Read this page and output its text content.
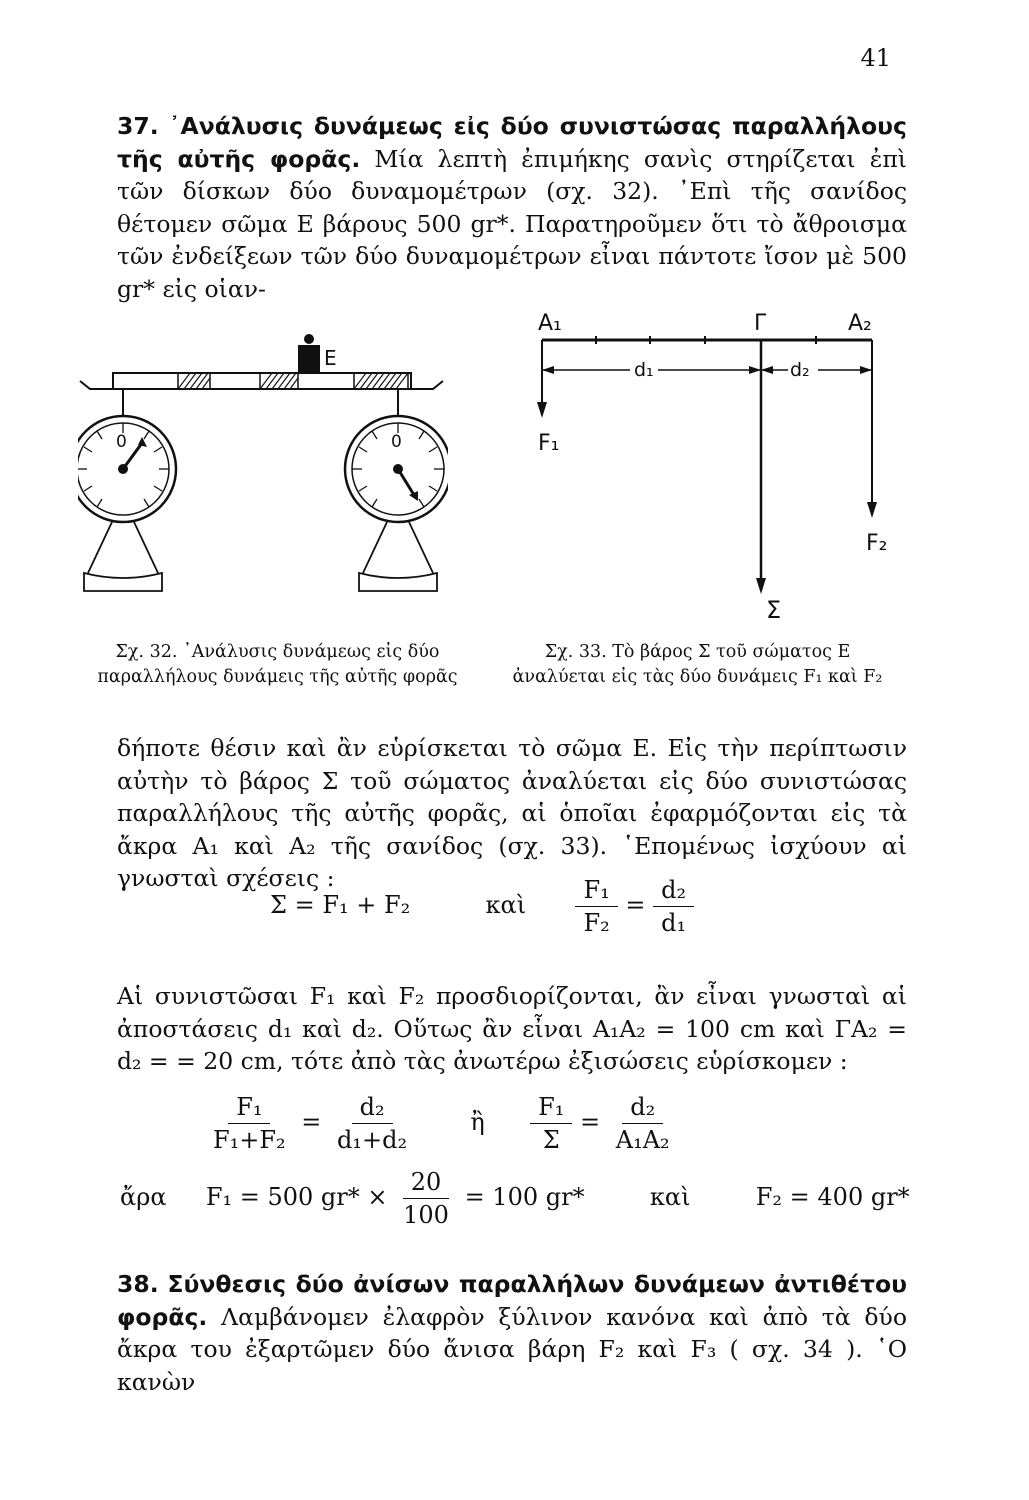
41

37. ᾿Ανάλυσις δυνάμεως εἰς δύο συνιστώσας παραλλήλους τῆς αὐτῆς φορᾶς. Μία λεπτὴ ἐπιμήκης σανὶς στηρίζεται ἐπὶ τῶν δίσκων δύο δυναμομέτρων (σχ. 32). ᾿Επὶ τῆς σανίδος θέτομεν σῶμα Ε βάρους 500 gr*. Παρατηροῦμεν ὅτι τὸ ἄθροισμα τῶν ἐνδείξεων τῶν δύο δυναμομέτρων εἶναι πάντοτε ἴσον μὲ 500 gr* εἰς οἱαν-

Ε
0	0
Σχ. 32. ᾿Ανάλυσις δυνάμεως εἰς δύο
παραλλήλους δυνάμεις τῆς αὐτῆς φορᾶς
A₁	Γ	A₂
d₁	d₂
F₁
F₂
Σ
Σχ. 33. Τὸ βάρος Σ τοῦ σώματος Ε
ἀναλύεται εἰς τὰς δύο δυνάμεις F₁ καὶ F₂

δήποτε θέσιν καὶ ἂν εὑρίσκεται τὸ σῶμα Ε. Εἰς τὴν περίπτωσιν αὐτὴν τὸ βάρος Σ τοῦ σώματος ἀναλύεται εἰς δύο συνιστώσας παραλλήλους τῆς αὐτῆς φορᾶς, αἱ ὁποῖαι ἐφαρμόζονται εἰς τὰ ἄκρα A₁ καὶ A₂ τῆς σανίδος (σχ. 33). ῾Επομένως ἰσχύουν αἱ γνωσταὶ σχέσεις :

Σ = F₁ + F₂	καὶ $\frac{\text{F₁}}{\text{F₂}} = \frac{\text{d₂}}{\text{d₁}}$

Αἱ συνιστῶσαι F₁ καὶ F₂ προσδιορίζονται, ἂν εἶναι γνωσταὶ αἱ ἀποστάσεις d₁ καὶ d₂. Οὕτως ἂν εἶναι A₁A₂ = 100 cm καὶ ΓA₂ = d₂ = = 20 cm, τότε ἀπὸ τὰς ἀνωτέρω ἐξισώσεις εὑρίσκομεν :

$\frac{\text{F₁}}{\text{F₁+F₂}} = \frac{\text{d₂}}{\text{d₁+d₂}}$ ἢ $\frac{\text{F₁}}{\Sigma} = \frac{\text{d₂}}{\text{A₁A₂}}$
ἄρα F₁ = 500 $gr* \times \frac{20}{100} = 100$ gr*	καὶ	F₂ = 400 gr*

38. Σύνθεσις δύο ἀνίσων παραλλήλων δυνάμεων ἀντιθέτου φορᾶς. Λαμβάνομεν ἐλαφρὸν ξύλινον κανόνα καὶ ἀπὸ τὰ δύο ἄκρα του ἐξαρτῶμεν δύο ἄνισα βάρη F₂ καὶ F₃ ( σχ. 34 ). ῾Ο κανὼν
